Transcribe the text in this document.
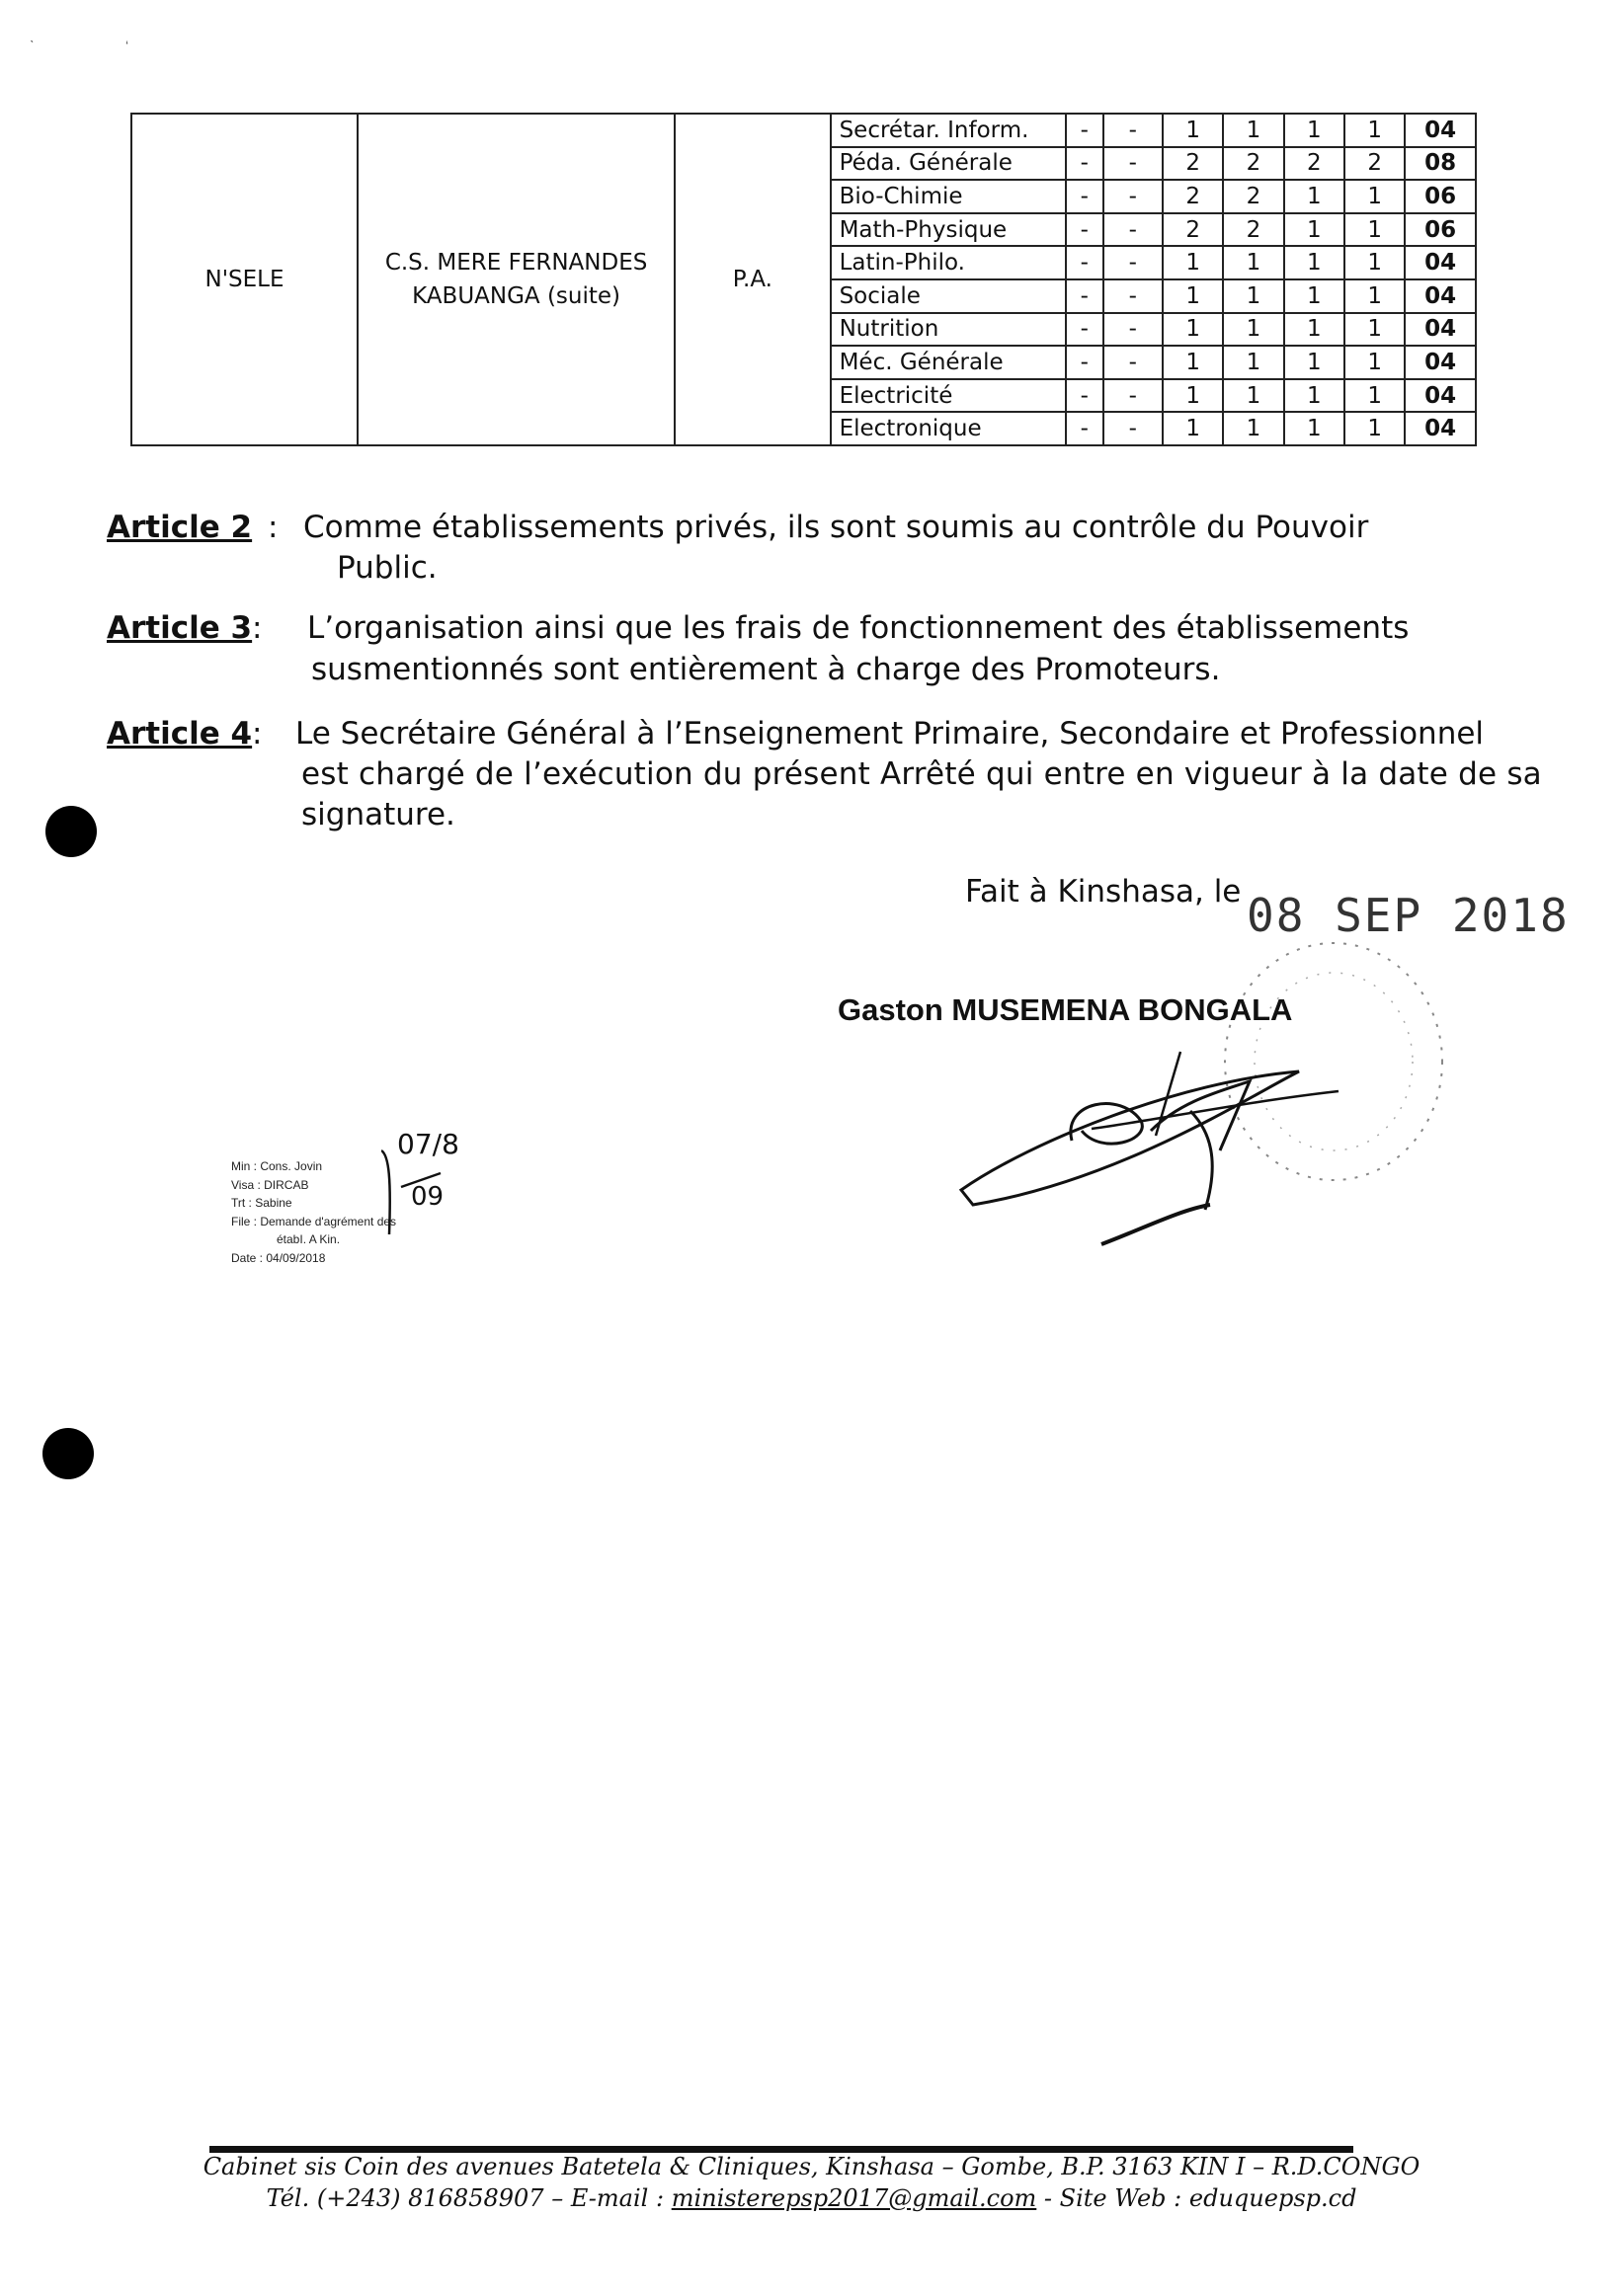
ˋ	‘
N'SELE	C.S. MERE FERNANDES KABUANGA (suite)	P.A.	Secrétar. Inform.	-	-	1	1	1	1	04
			Péda. Générale	-	-	2	2	2	2	08
			Bio-Chimie	-	-	2	2	1	1	06
			Math-Physique	-	-	2	2	1	1	06
			Latin-Philo.	-	-	1	1	1	1	04
			Sociale	-	-	1	1	1	1	04
			Nutrition	-	-	1	1	1	1	04
			Méc. Générale	-	-	1	1	1	1	04
			Electricité	-	-	1	1	1	1	04
			Electronique	-	-	1	1	1	1	04
Article 2 : Comme établissements privés, ils sont soumis au contrôle du Pouvoir
Public.
Article 3 : L’organisation ainsi que les frais de fonctionnement des établissements
susmentionnés sont entièrement à charge des Promoteurs.
Article 4 : Le Secrétaire Général à l’Enseignement Primaire, Secondaire et Professionnel
est chargé de l’exécution du présent Arrêté qui entre en vigueur à la date de sa
signature.
Fait à Kinshasa, le 08 SEP 2018
Gaston MUSEMENA BONGALA
Min : Cons. Jovin
Visa : DIRCAB
Trt : Sabine
File : Demande d'agrément des
étabI. A Kin.
Date : 04/09/2018
07/8
09
Cabinet sis Coin des avenues Batetela & Cliniques, Kinshasa – Gombe, B.P. 3163 KIN I – R.D.CONGO
Tél. (+243) 816858907 – E-mail : ministerepsp2017@gmail.com - Site Web : eduquepsp.cd
